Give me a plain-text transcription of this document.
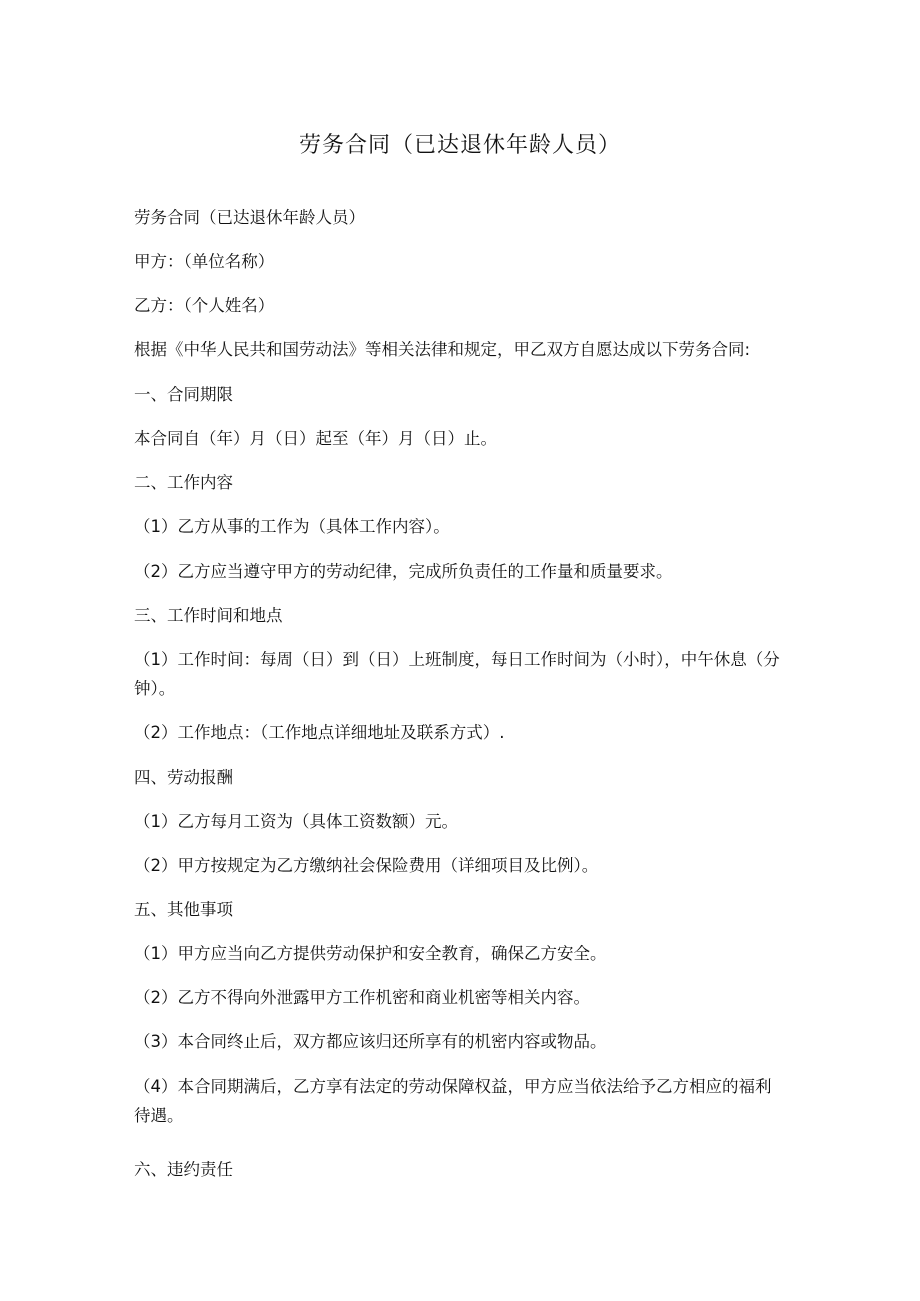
劳务合同（已达退休年龄人员）
劳务合同（已达退休年龄人员）
甲方：（单位名称）
乙方：（个人姓名）
根据《中华人民共和国劳动法》等相关法律和规定，甲乙双方自愿达成以下劳务合同:
一、合同期限
本合同自（年）月（日）起至（年）月（日）止。
二、工作内容
（1）乙方从事的工作为（具体工作内容）。
（2）乙方应当遵守甲方的劳动纪律，完成所负责任的工作量和质量要求。
三、工作时间和地点
（1）工作时间：每周（日）到（日）上班制度，每日工作时间为（小时），中午休息（分钟）。
（2）工作地点：（工作地点详细地址及联系方式）.
四、劳动报酬
（1）乙方每月工资为（具体工资数额）元。
（2）甲方按规定为乙方缴纳社会保险费用（详细项目及比例）。
五、其他事项
（1）甲方应当向乙方提供劳动保护和安全教育，确保乙方安全。
（2）乙方不得向外泄露甲方工作机密和商业机密等相关内容。
（3）本合同终止后，双方都应该归还所享有的机密内容或物品。
（4）本合同期满后，乙方享有法定的劳动保障权益，甲方应当依法给予乙方相应的福利待遇。
六、违约责任
